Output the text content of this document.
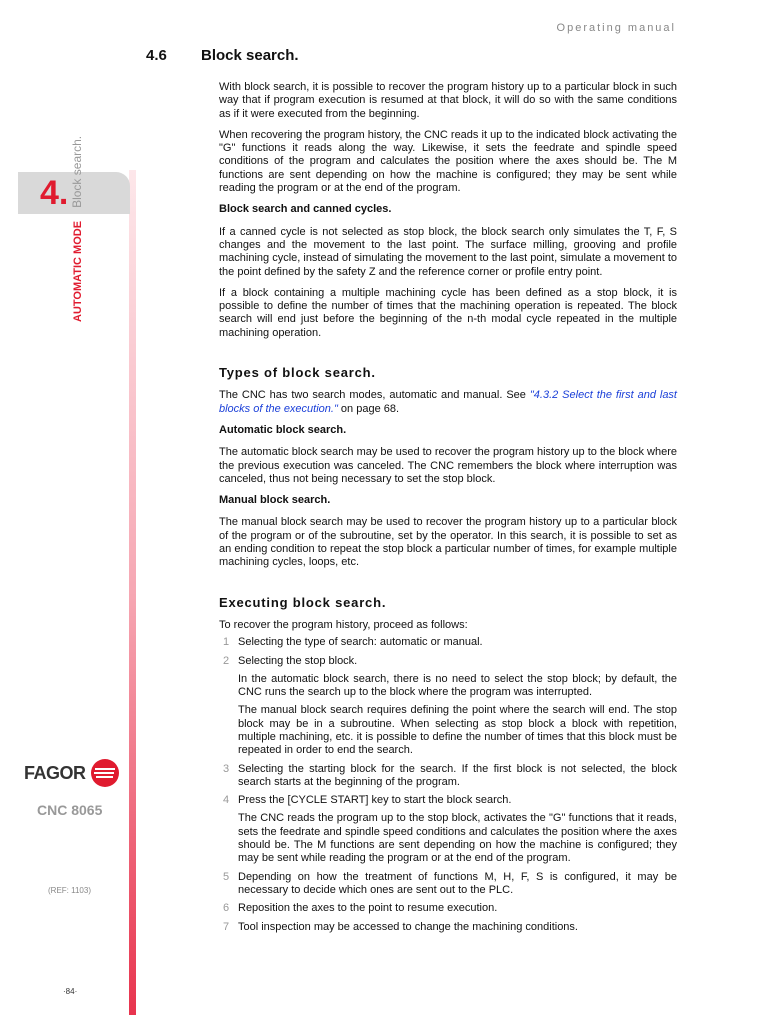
Operating manual
4.6 Block search.
4.
AUTOMATIC MODE Block search.
FAGOR
CNC 8065
(REF: 1103)
·84·

With block search, it is possible to recover the program history up to a particular block in such way that if program execution is resumed at that block, it will do so with the same conditions as if it were executed from the beginning.

When recovering the program history, the CNC reads it up to the indicated block activating the "G" functions it reads along the way. Likewise, it sets the feedrate and spindle speed conditions of the program and calculates the position where the axes should be. The M functions are sent depending on how the machine is configured; they may be sent while reading the program or at the end of the program.

Block search and canned cycles.

If a canned cycle is not selected as stop block, the block search only simulates the T, F, S changes and the movement to the last point. The surface milling, grooving and profile machining cycle, instead of simulating the movement to the last point, simulate a movement to the point defined by the safety Z and the reference corner or profile entry point.

If a block containing a multiple machining cycle has been defined as a stop block, it is possible to define the number of times that the machining operation is repeated. The block search will end just before the beginning of the n-th modal cycle repeated in the multiple machining operation.

Types of block search.

The CNC has two search modes, automatic and manual. See "4.3.2 Select the first and last blocks of the execution." on page 68.

Automatic block search.

The automatic block search may be used to recover the program history up to the block where the previous execution was canceled. The CNC remembers the block where interruption was canceled, thus not being necessary to set the stop block.

Manual block search.

The manual block search may be used to recover the program history up to a particular block of the program or of the subroutine, set by the operator. In this search, it is possible to set as an ending condition to repeat the stop block a particular number of times, for example multiple machining cycles, loops, etc.

Executing block search.

To recover the program history, proceed as follows:

1 Selecting the type of search: automatic or manual.
2 Selecting the stop block.

In the automatic block search, there is no need to select the stop block; by default, the CNC runs the search up to the block where the program was interrupted.

The manual block search requires defining the point where the search will end. The stop block may be in a subroutine. When selecting as stop block a block with repetition, multiple machining, etc. it is possible to define the number of times that this block must be repeated in order to end the search.

3 Selecting the starting block for the search. If the first block is not selected, the block search starts at the beginning of the program.
4 Press the [CYCLE START] key to start the block search.

The CNC reads the program up to the stop block, activates the "G" functions that it reads, sets the feedrate and spindle speed conditions and calculates the position where the axes should be. The M functions are sent depending on how the machine is configured; they may be sent while reading the program or at the end of the program.

5 Depending on how the treatment of functions M, H, F, S is configured, it may be necessary to decide which ones are sent out to the PLC.
6 Reposition the axes to the point to resume execution.
7 Tool inspection may be accessed to change the machining conditions.
